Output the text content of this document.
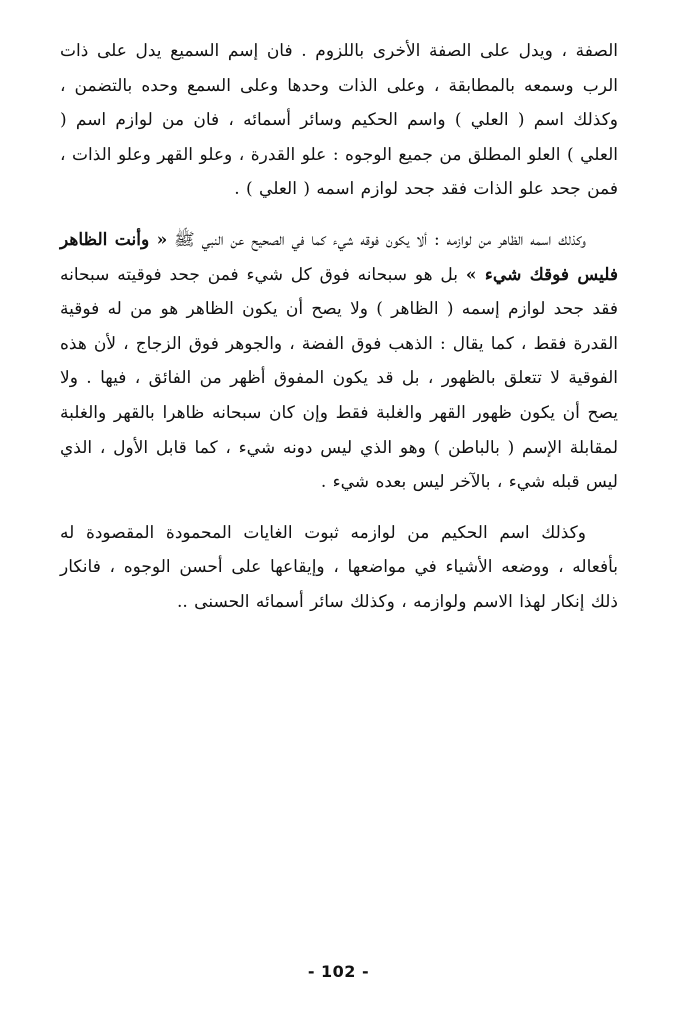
الصفة ، ويدل على الصفة الأخرى باللزوم . فان إسم السميع يدل على ذات الرب وسمعه بالمطابقة ، وعلى الذات وحدها وعلى السمع وحده بالتضمن ، وكذلك اسم ( العلي ) واسم الحكيم وسائر أسمائه ، فان من لوازم اسم ( العلي ) العلو المطلق من جميع الوجوه : علو القدرة ، وعلو القهر وعلو الذات ، فمن جحد علو الذات فقد جحد لوازم اسمه ( العلي ) .

وكذلك اسمه الظاهر من لوازمه : ألا يكون فوقه شيء كما في الصحيح عن النبي ﷺ « وأنت الظاهر فليس فوقك شيء » بل هو سبحانه فوق كل شيء فمن جحد فوقيته سبحانه فقد جحد لوازم إسمه ( الظاهر ) ولا يصح أن يكون الظاهر هو من له فوقية القدرة فقط ، كما يقال : الذهب فوق الفضة ، والجوهر فوق الزجاج ، لأن هذه الفوقية لا تتعلق بالظهور ، بل قد يكون المفوق أظهر من الفائق ، فيها . ولا يصح أن يكون ظهور القهر والغلبة فقط وإن كان سبحانه ظاهرا بالقهر والغلبة لمقابلة الإسم ( بالباطن ) وهو الذي ليس دونه شيء ، كما قابل الأول ، الذي ليس قبله شيء ، بالآخر ليس بعده شيء .

وكذلك اسم الحكيم من لوازمه ثبوت الغايات المحمودة المقصودة له بأفعاله ، ووضعه الأشياء في مواضعها ، وإيقاعها على أحسن الوجوه ، فانكار ذلك إنكار لهذا الاسم ولوازمه ، وكذلك سائر أسمائه الحسنى ..

- 102 -
